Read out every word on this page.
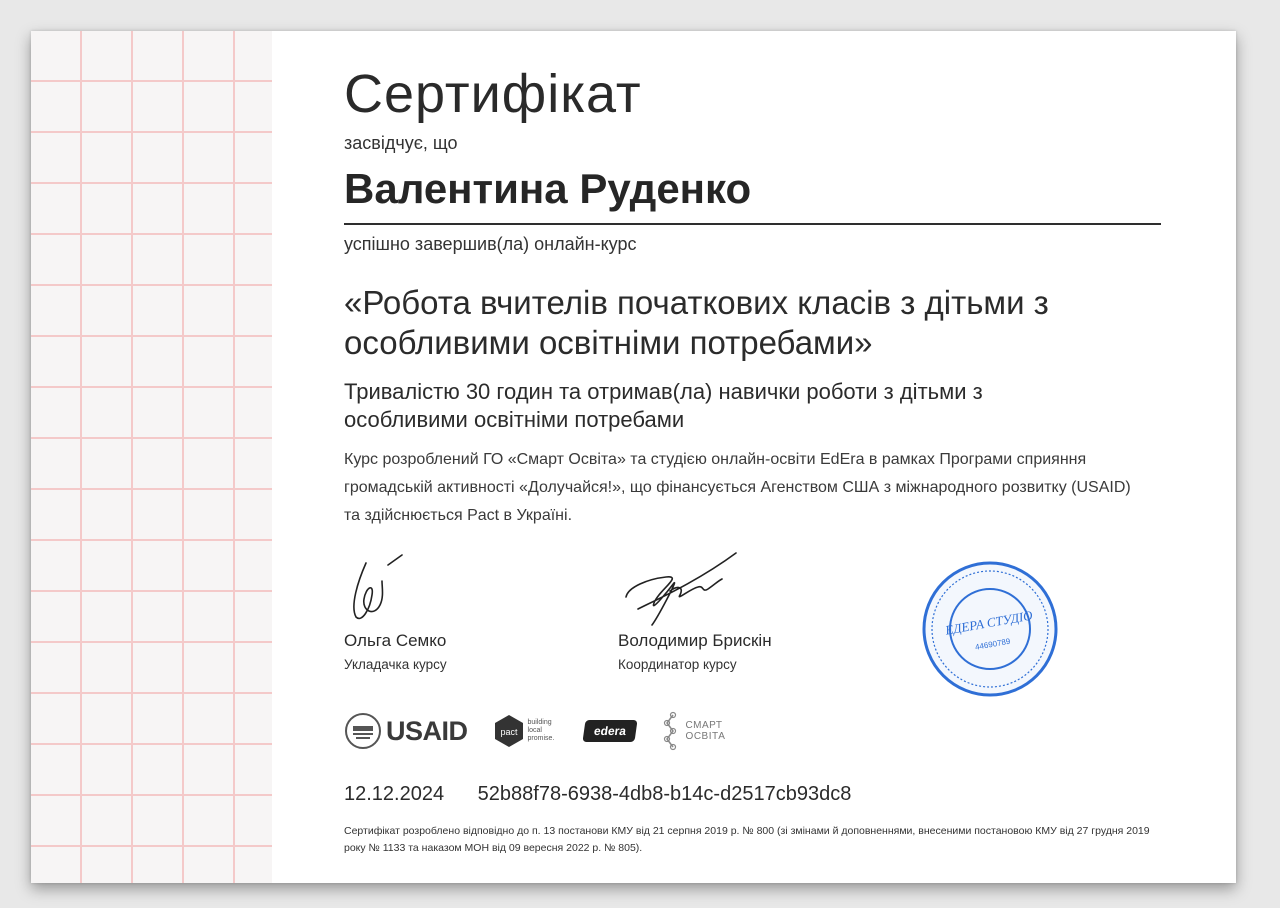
Сертифікат
засвідчує, що
Валентина Руденко
успішно завершив(ла) онлайн-курс
«Робота вчителів початкових класів з дітьми з особливими освітніми потребами»
Тривалістю 30 годин та отримав(ла) навички роботи з дітьми з особливими освітніми потребами
Курс розроблений ГО «Смарт Освіта» та студією онлайн-освіти EdEra в рамках Програми сприяння громадській активності «Долучайся!», що фінансується Агенством США з міжнародного розвитку (USAID) та здійснюється Pact в Україні.
Ольга Семко
Укладачка курсу
Володимир Брискін
Координатор курсу
ЕДЕРА СТУДІО
44690789
USAID	pact
building local promise.
edera	СМАРТ
ОСВІТА
12.12.2024 52b88f78-6938-4db8-b14c-d2517cb93dc8
Сертифікат розроблено відповідно до п. 13 постанови КМУ від 21 серпня 2019 р. № 800 (зі змінами й доповненнями, внесеними постановою КМУ від 27 грудня 2019 року № 1133 та наказом МОН від 09 вересня 2022 р. № 805).
